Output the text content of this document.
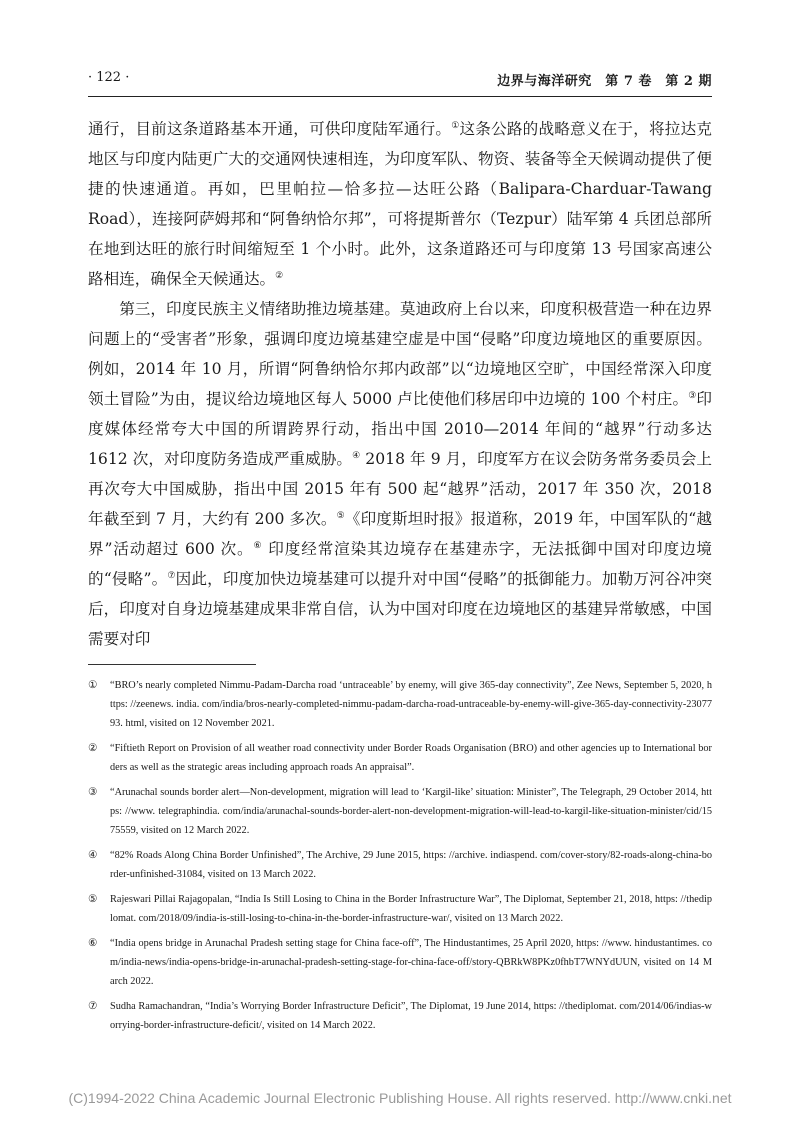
· 122 ·	边界与海洋研究　第 7 卷　第 2 期

通行，目前这条道路基本开通，可供印度陆军通行。①这条公路的战略意义在于，将拉达克地区与印度内陆更广大的交通网快速相连，为印度军队、物资、装备等全天候调动提供了便捷的快速通道。再如，巴里帕拉—恰多拉—达旺公路（Balipara-Charduar-Tawang Road），连接阿萨姆邦和“阿鲁纳恰尔邦”，可将提斯普尔（Tezpur）陆军第 4 兵团总部所在地到达旺的旅行时间缩短至 1 个小时。此外，这条道路还可与印度第 13 号国家高速公路相连，确保全天候通达。②

第三，印度民族主义情绪助推边境基建。莫迪政府上台以来，印度积极营造一种在边界问题上的“受害者”形象，强调印度边境基建空虚是中国“侵略”印度边境地区的重要原因。例如，2014 年 10 月，所谓“阿鲁纳恰尔邦内政部”以“边境地区空旷，中国经常深入印度领土冒险”为由，提议给边境地区每人 5000 卢比使他们移居印中边境的 100 个村庄。③印度媒体经常夸大中国的所谓跨界行动，指出中国 2010—2014 年间的“越界”行动多达 1612 次，对印度防务造成严重威胁。④ 2018 年 9 月，印度军方在议会防务常务委员会上再次夸大中国威胁，指出中国 2015 年有 500 起“越界”活动，2017 年 350 次，2018 年截至到 7 月，大约有 200 多次。⑤《印度斯坦时报》报道称，2019 年，中国军队的“越界”活动超过 600 次。⑥ 印度经常渲染其边境存在基建赤字，无法抵御中国对印度边境的“侵略”。⑦因此，印度加快边境基建可以提升对中国“侵略”的抵御能力。加勒万河谷冲突后，印度对自身边境基建成果非常自信，认为中国对印度在边境地区的基建异常敏感，中国需要对印

① “BRO’s nearly completed Nimmu-Padam-Darcha road ‘untraceable’ by enemy, will give 365-day connectivity”, Zee News, September 5, 2020, https: //zeenews. india. com/india/bros-nearly-completed-nimmu-padam-darcha-road-untraceable-by-enemy-will-give-365-day-connectivity-2307793. html, visited on 12 November 2021.
② “Fiftieth Report on Provision of all weather road connectivity under Border Roads Organisation (BRO) and other agencies up to International borders as well as the strategic areas including approach roads An appraisal”.
③ “Arunachal sounds border alert—Non-development, migration will lead to ‘Kargil-like’ situation: Minister”, The Telegraph, 29 October 2014, https: //www. telegraphindia. com/india/arunachal-sounds-border-alert-non-development-migration-will-lead-to-kargil-like-situation-minister/cid/1575559, visited on 12 March 2022.
④ “82% Roads Along China Border Unfinished”, The Archive, 29 June 2015, https: //archive. indiaspend. com/cover-story/82-roads-along-china-border-unfinished-31084, visited on 13 March 2022.
⑤ Rajeswari Pillai Rajagopalan, “India Is Still Losing to China in the Border Infrastructure War”, The Diplomat, September 21, 2018, https: //thediplomat. com/2018/09/india-is-still-losing-to-china-in-the-border-infrastructure-war/, visited on 13 March 2022.
⑥ “India opens bridge in Arunachal Pradesh setting stage for China face-off”, The Hindustantimes, 25 April 2020, https: //www. hindustantimes. com/india-news/india-opens-bridge-in-arunachal-pradesh-setting-stage-for-china-face-off/story-QBRkW8PKz0fhbT7WNYdUUN, visited on 14 March 2022.
⑦ Sudha Ramachandran, “India’s Worrying Border Infrastructure Deficit”, The Diplomat, 19 June 2014, https: //thediplomat. com/2014/06/indias-worrying-border-infrastructure-deficit/, visited on 14 March 2022.
(C)1994-2022 China Academic Journal Electronic Publishing House. All rights reserved. http://www.cnki.net
